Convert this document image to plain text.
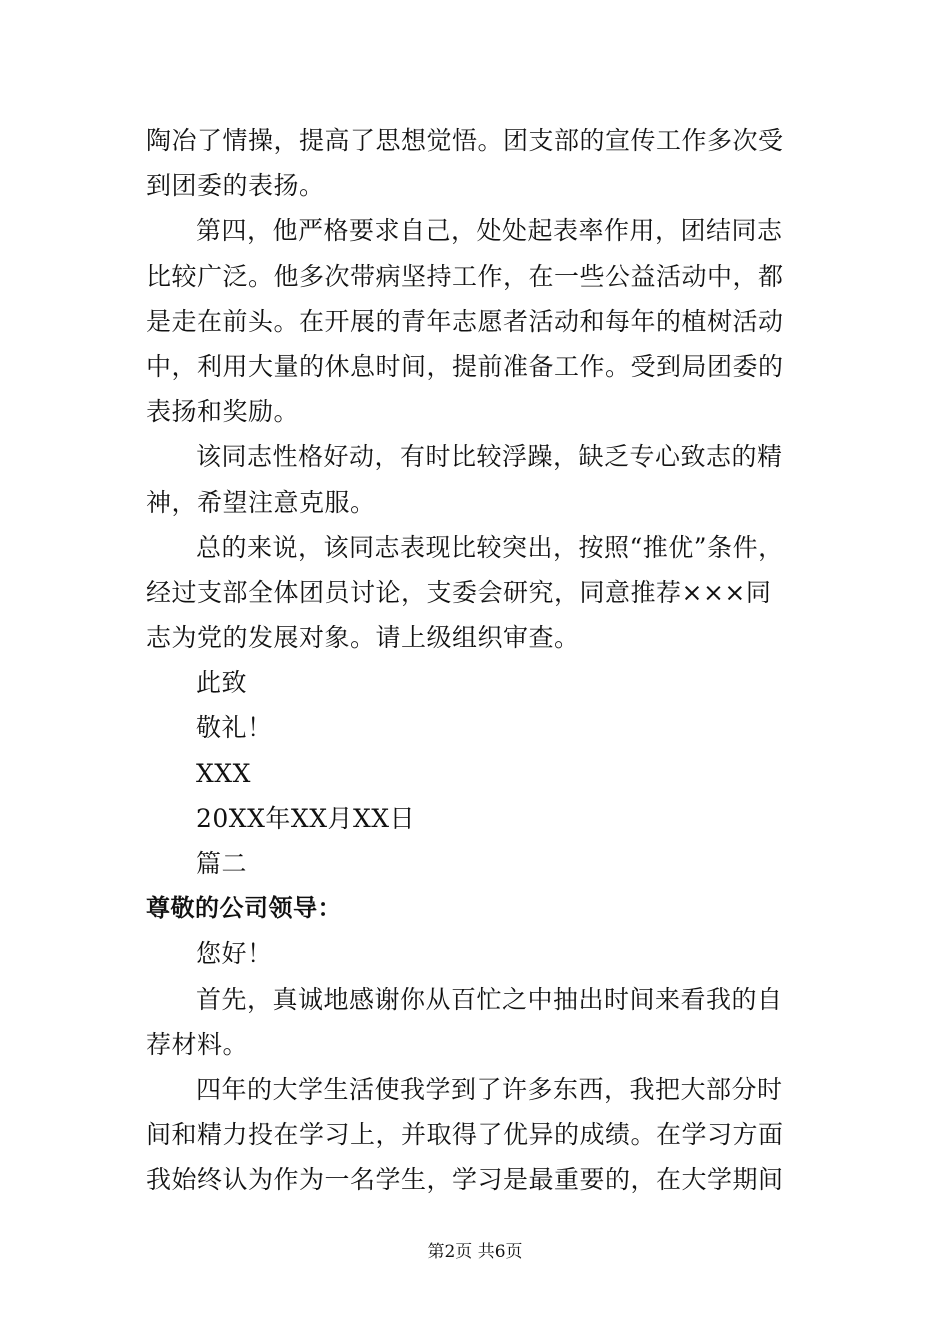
陶冶了情操，提高了思想觉悟。团支部的宣传工作多次受
到团委的表扬。
第四，他严格要求自己，处处起表率作用，团结同志
比较广泛。他多次带病坚持工作，在一些公益活动中，都
是走在前头。在开展的青年志愿者活动和每年的植树活动
中，利用大量的休息时间，提前准备工作。受到局团委的
表扬和奖励。
该同志性格好动，有时比较浮躁，缺乏专心致志的精
神，希望注意克服。
总的来说，该同志表现比较突出，按照“推优”条件，
经过支部全体团员讨论，支委会研究，同意推荐×××同
志为党的发展对象。请上级组织审查。
此致
敬礼！
XXX
20XX年XX月XX日
篇二
尊敬的公司领导：
您好！
首先，真诚地感谢你从百忙之中抽出时间来看我的自
荐材料。
四年的大学生活使我学到了许多东西，我把大部分时
间和精力投在学习上，并取得了优异的成绩。在学习方面
我始终认为作为一名学生，学习是最重要的，在大学期间
第2页 共6页
